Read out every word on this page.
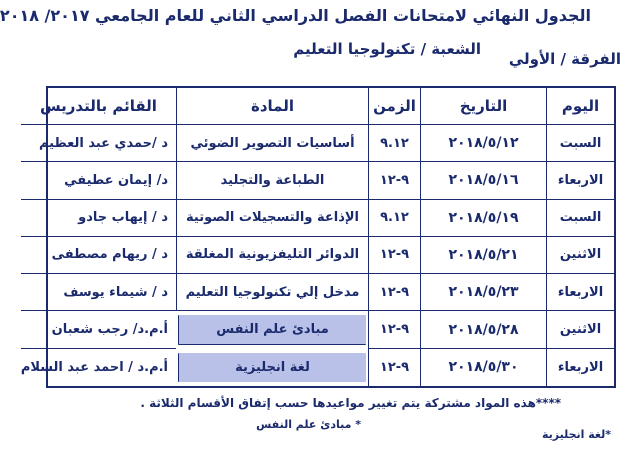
الجدول النهائي لامتحانات الفصل الدراسي الثاني للعام الجامعي ٢٠١٧/ ٢٠١٨
الشعبة / تكنولوجيا التعليم
الفرقة / الأولي
اليوم
التاريخ
الزمن
المادة
القائم بالتدريس
السبت
٢٠١٨/٥/١٢
٩.١٢
أساسيات التصوير الضوئي
د /حمدي عبد العظيم
الاربعاء
٢٠١٨/٥/١٦
٩-١٢
الطباعة والتجليد
د/ إيمان عطيفي
السبت
٢٠١٨/٥/١٩
٩.١٢
الإذاعة والتسجيلات الصوتية
د / إيهاب جادو
الاثنين
٢٠١٨/٥/٢١
٩-١٢
الدوائر التليفزيونية المغلقة
د / ريهام مصطفى
الاربعاء
٢٠١٨/٥/٢٣
٩-١٢
مدخل إلي تكنولوجيا التعليم
د / شيماء يوسف
الاثنين
٢٠١٨/٥/٢٨
٩-١٢
مبادئ علم النفس
أ.م.د/ رجب شعبان
الاربعاء
٢٠١٨/٥/٣٠
٩-١٢
لغة انجليزية
أ.م.د / احمد عبد السلام
****هذه المواد مشتركة يتم تغيير مواعيدها حسب إتفاق الأقسام الثلاثة .
* مبادئ علم النفس
*لغة انجليزية
